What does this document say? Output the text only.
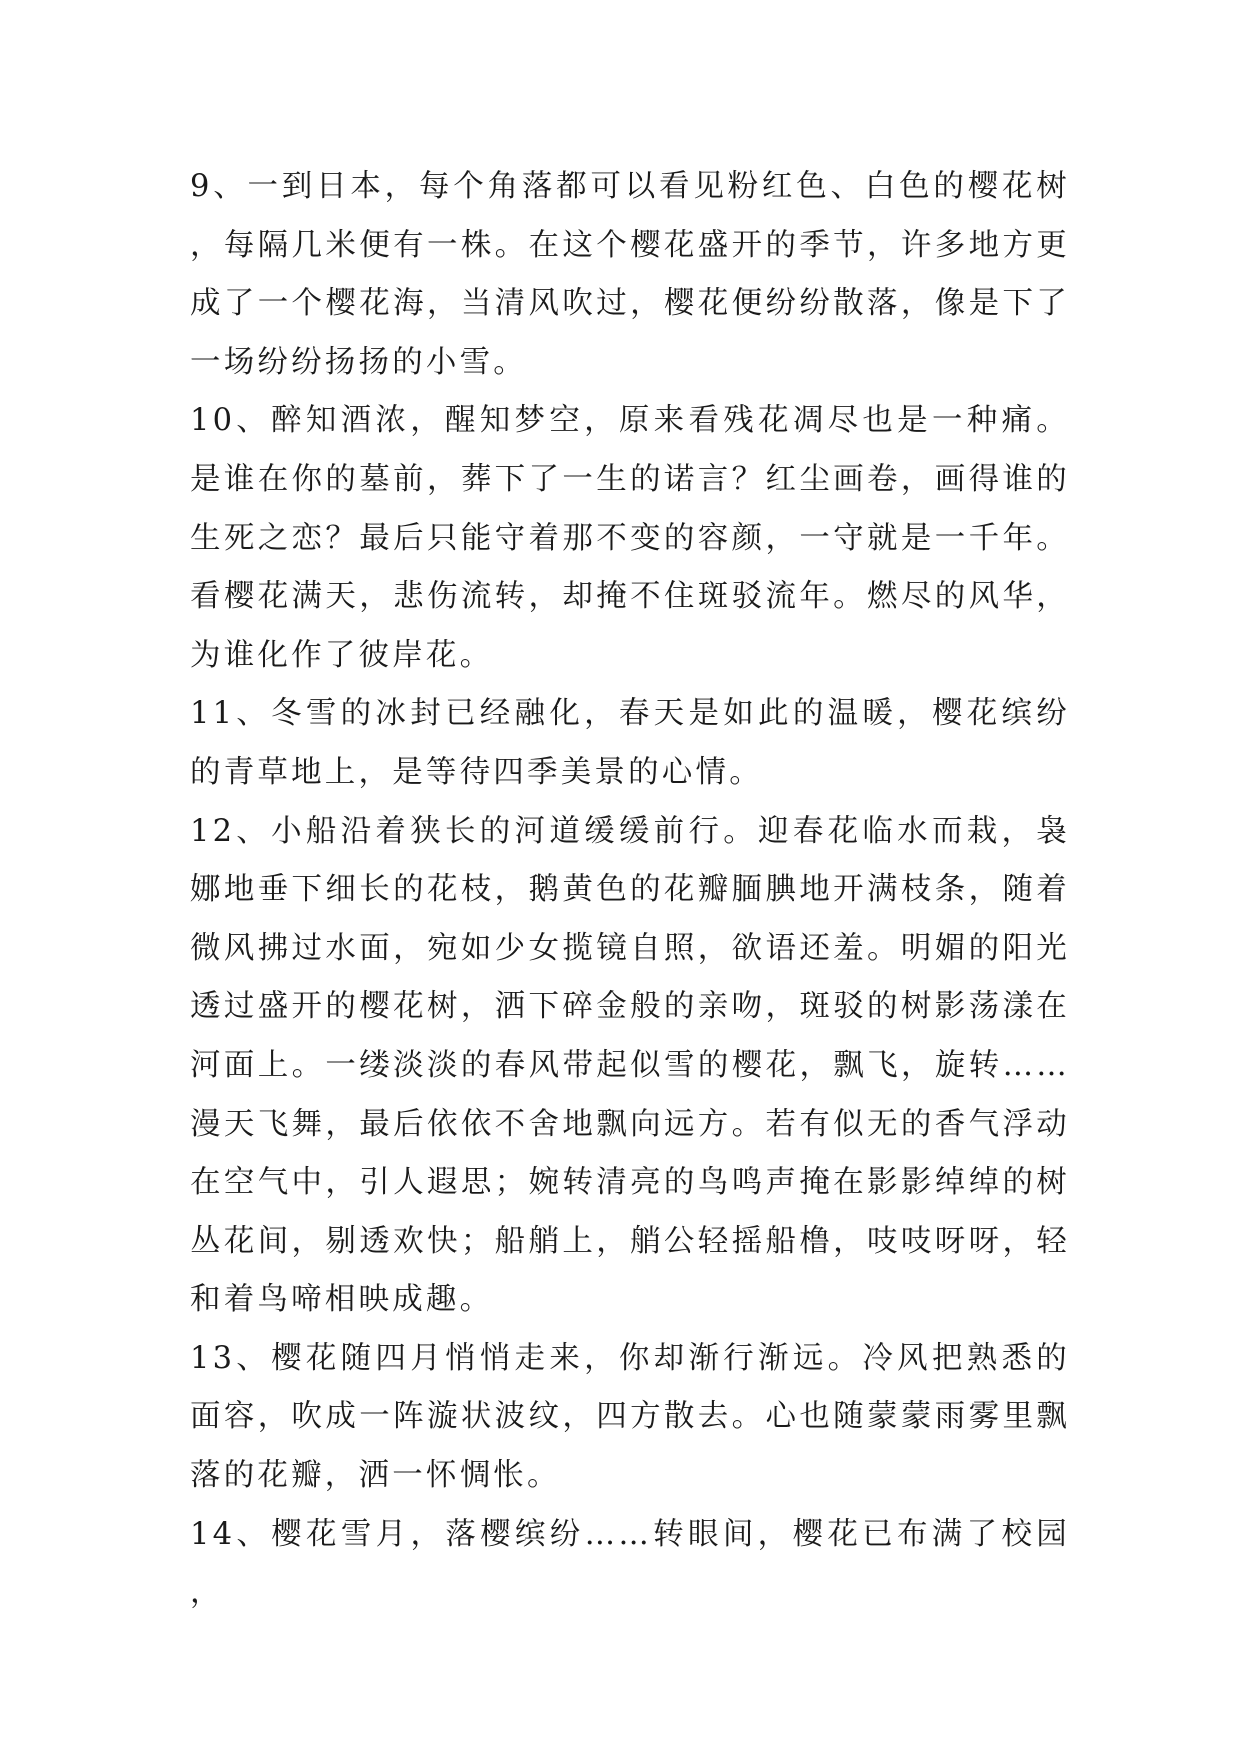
9、一到日本，每个角落都可以看见粉红色、白色的樱花树，每隔几米便有一株。在这个樱花盛开的季节，许多地方更成了一个樱花海，当清风吹过，樱花便纷纷散落，像是下了一场纷纷扬扬的小雪。

10、醉知酒浓，醒知梦空，原来看残花凋尽也是一种痛。是谁在你的墓前，葬下了一生的诺言？红尘画卷，画得谁的生死之恋？最后只能守着那不变的容颜，一守就是一千年。看樱花满天，悲伤流转，却掩不住斑驳流年。燃尽的风华，为谁化作了彼岸花。

11、冬雪的冰封已经融化，春天是如此的温暖，樱花缤纷的青草地上，是等待四季美景的心情。

12、小船沿着狭长的河道缓缓前行。迎春花临水而栽，袅娜地垂下细长的花枝，鹅黄色的花瓣腼腆地开满枝条，随着微风拂过水面，宛如少女揽镜自照，欲语还羞。明媚的阳光透过盛开的樱花树，洒下碎金般的亲吻，斑驳的树影荡漾在河面上。一缕淡淡的春风带起似雪的樱花，飘飞，旋转……漫天飞舞，最后依依不舍地飘向远方。若有似无的香气浮动在空气中，引人遐思；婉转清亮的鸟鸣声掩在影影绰绰的树丛花间，剔透欢快；船艄上，艄公轻摇船橹，吱吱呀呀，轻和着鸟啼相映成趣。

13、樱花随四月悄悄走来，你却渐行渐远。冷风把熟悉的面容，吹成一阵漩状波纹，四方散去。心也随蒙蒙雨雾里飘落的花瓣，洒一怀惆怅。

14、樱花雪月，落樱缤纷……转眼间，樱花已布满了校园，
